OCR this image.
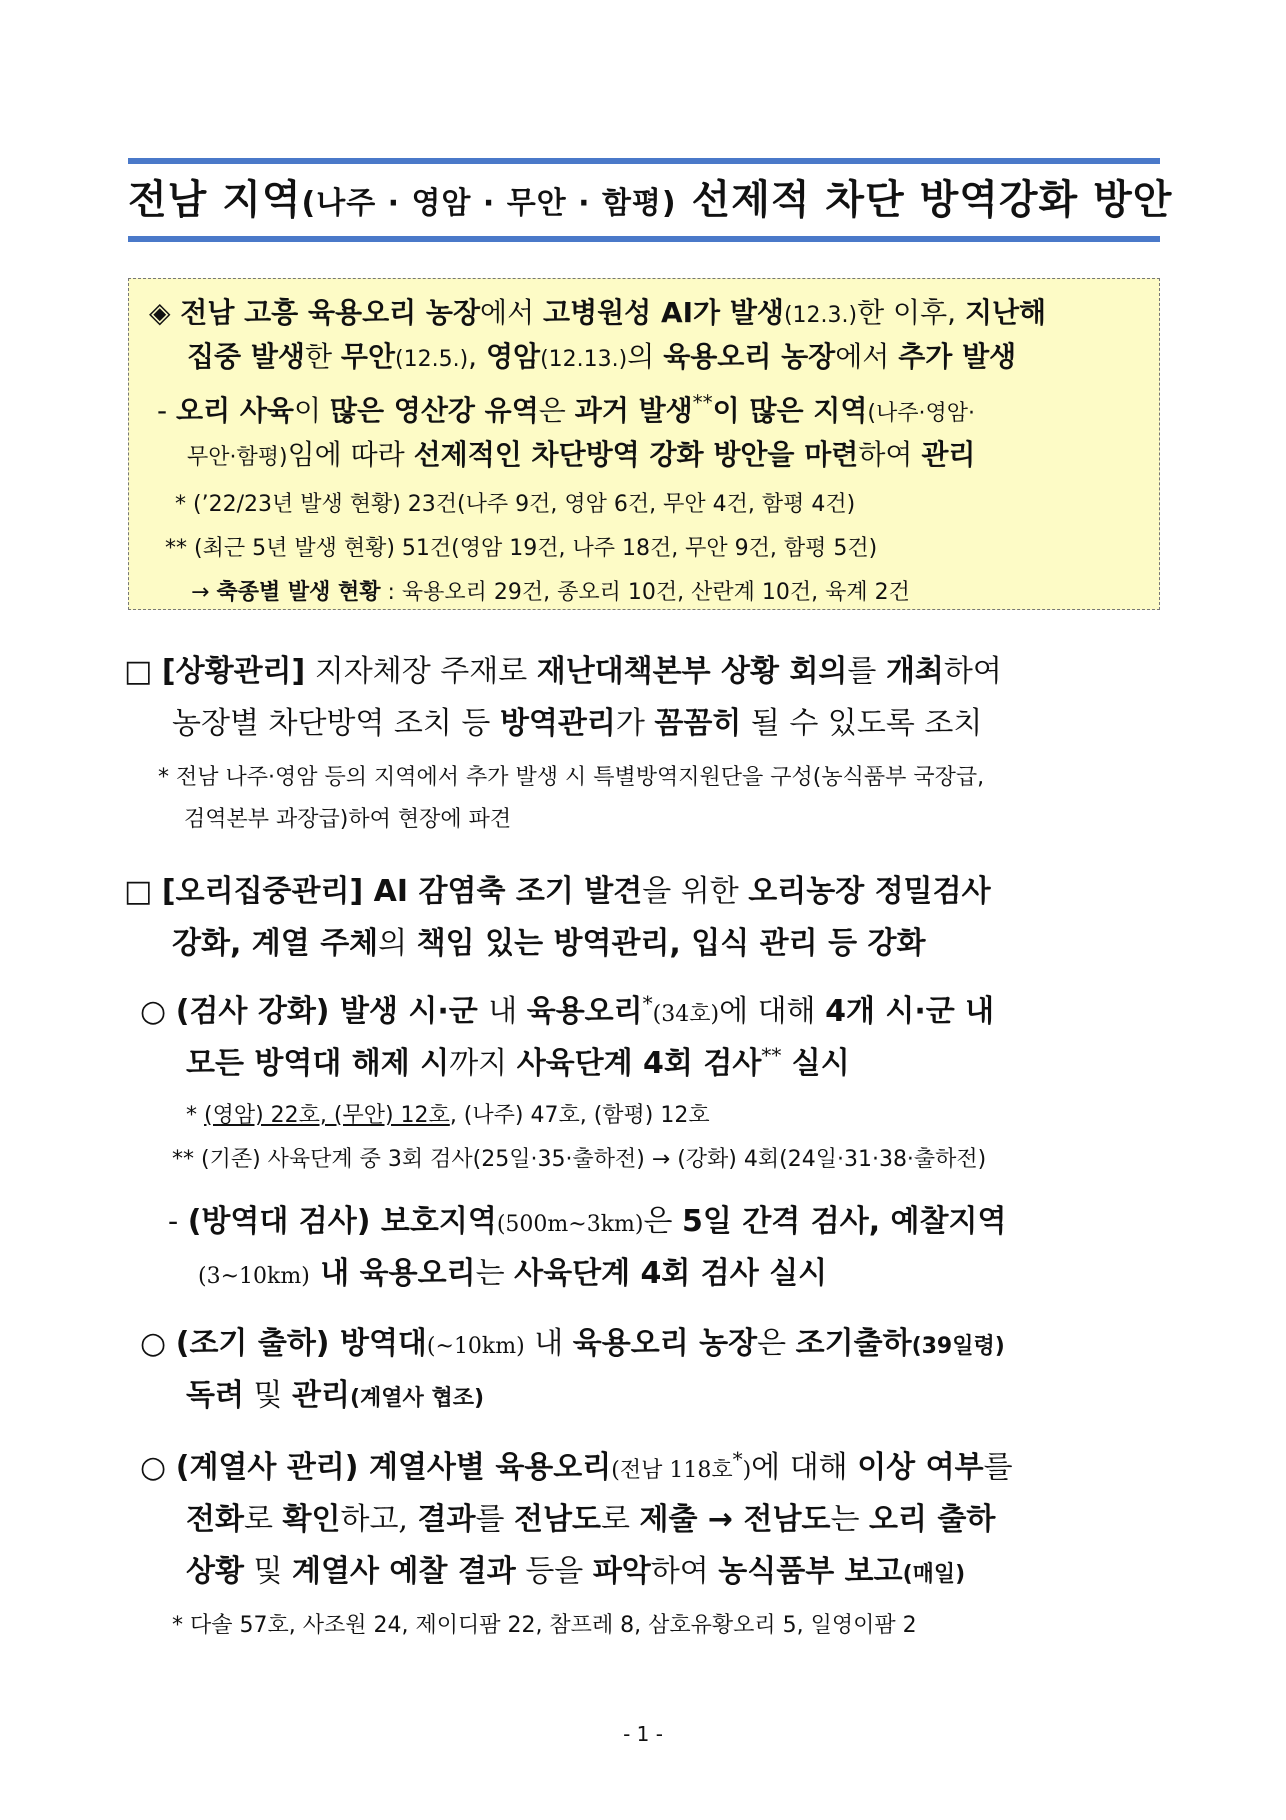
전남 지역(나주 · 영암 · 무안 · 함평) 선제적 차단 방역강화 방안
◈ 전남 고흥 육용오리 농장에서 고병원성 AI가 발생(12.3.)한 이후, 지난해
집중 발생한 무안(12.5.), 영암(12.13.)의 육용오리 농장에서 추가 발생
- 오리 사육이 많은 영산강 유역은 과거 발생**이 많은 지역(나주·영암·
무안·함평)임에 따라 선제적인 차단방역 강화 방안을 마련하여 관리
* (’22/23년 발생 현황) 23건(나주 9건, 영암 6건, 무안 4건, 함평 4건)
** (최근 5년 발생 현황) 51건(영암 19건, 나주 18건, 무안 9건, 함평 5건)
→ 축종별 발생 현황 : 육용오리 29건, 종오리 10건, 산란계 10건, 육계 2건
□ [상황관리] 지자체장 주재로 재난대책본부 상황 회의를 개최하여
농장별 차단방역 조치 등 방역관리가 꼼꼼히 될 수 있도록 조치
* 전남 나주·영암 등의 지역에서 추가 발생 시 특별방역지원단을 구성(농식품부 국장급,
검역본부 과장급)하여 현장에 파견
□ [오리집중관리] AI 감염축 조기 발견을 위한 오리농장 정밀검사
강화, 계열 주체의 책임 있는 방역관리, 입식 관리 등 강화
○ (검사 강화) 발생 시·군 내 육용오리*(34호)에 대해 4개 시·군 내
모든 방역대 해제 시까지 사육단계 4회 검사** 실시
* (영암) 22호, (무안) 12호, (나주) 47호, (함평) 12호
** (기존) 사육단계 중 3회 검사(25일·35·출하전) → (강화) 4회(24일·31·38·출하전)
- (방역대 검사) 보호지역(500m~3km)은 5일 간격 검사, 예찰지역
(3~10km) 내 육용오리는 사육단계 4회 검사 실시
○ (조기 출하) 방역대(~10km) 내 육용오리 농장은 조기출하(39일령)
독려 및 관리(계열사 협조)
○ (계열사 관리) 계열사별 육용오리(전남 118호*)에 대해 이상 여부를
전화로 확인하고, 결과를 전남도로 제출 → 전남도는 오리 출하
상황 및 계열사 예찰 결과 등을 파악하여 농식품부 보고(매일)
* 다솔 57호, 사조원 24, 제이디팜 22, 참프레 8, 삼호유황오리 5, 일영이팜 2
- 1 -
